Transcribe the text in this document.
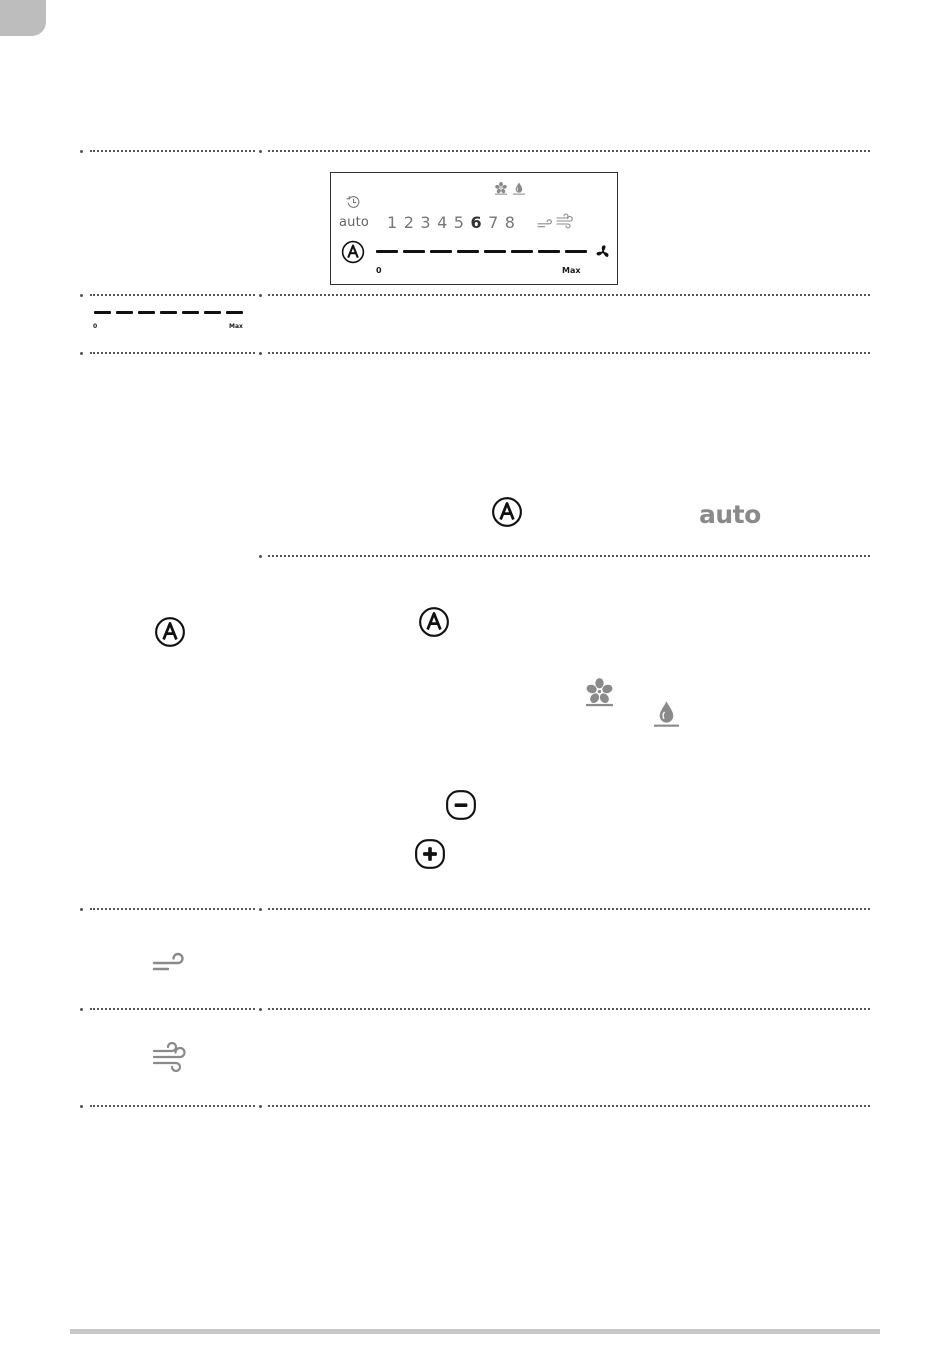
auto 1 2 3 4 5 6 7 8
0	Max
0	Max
auto
